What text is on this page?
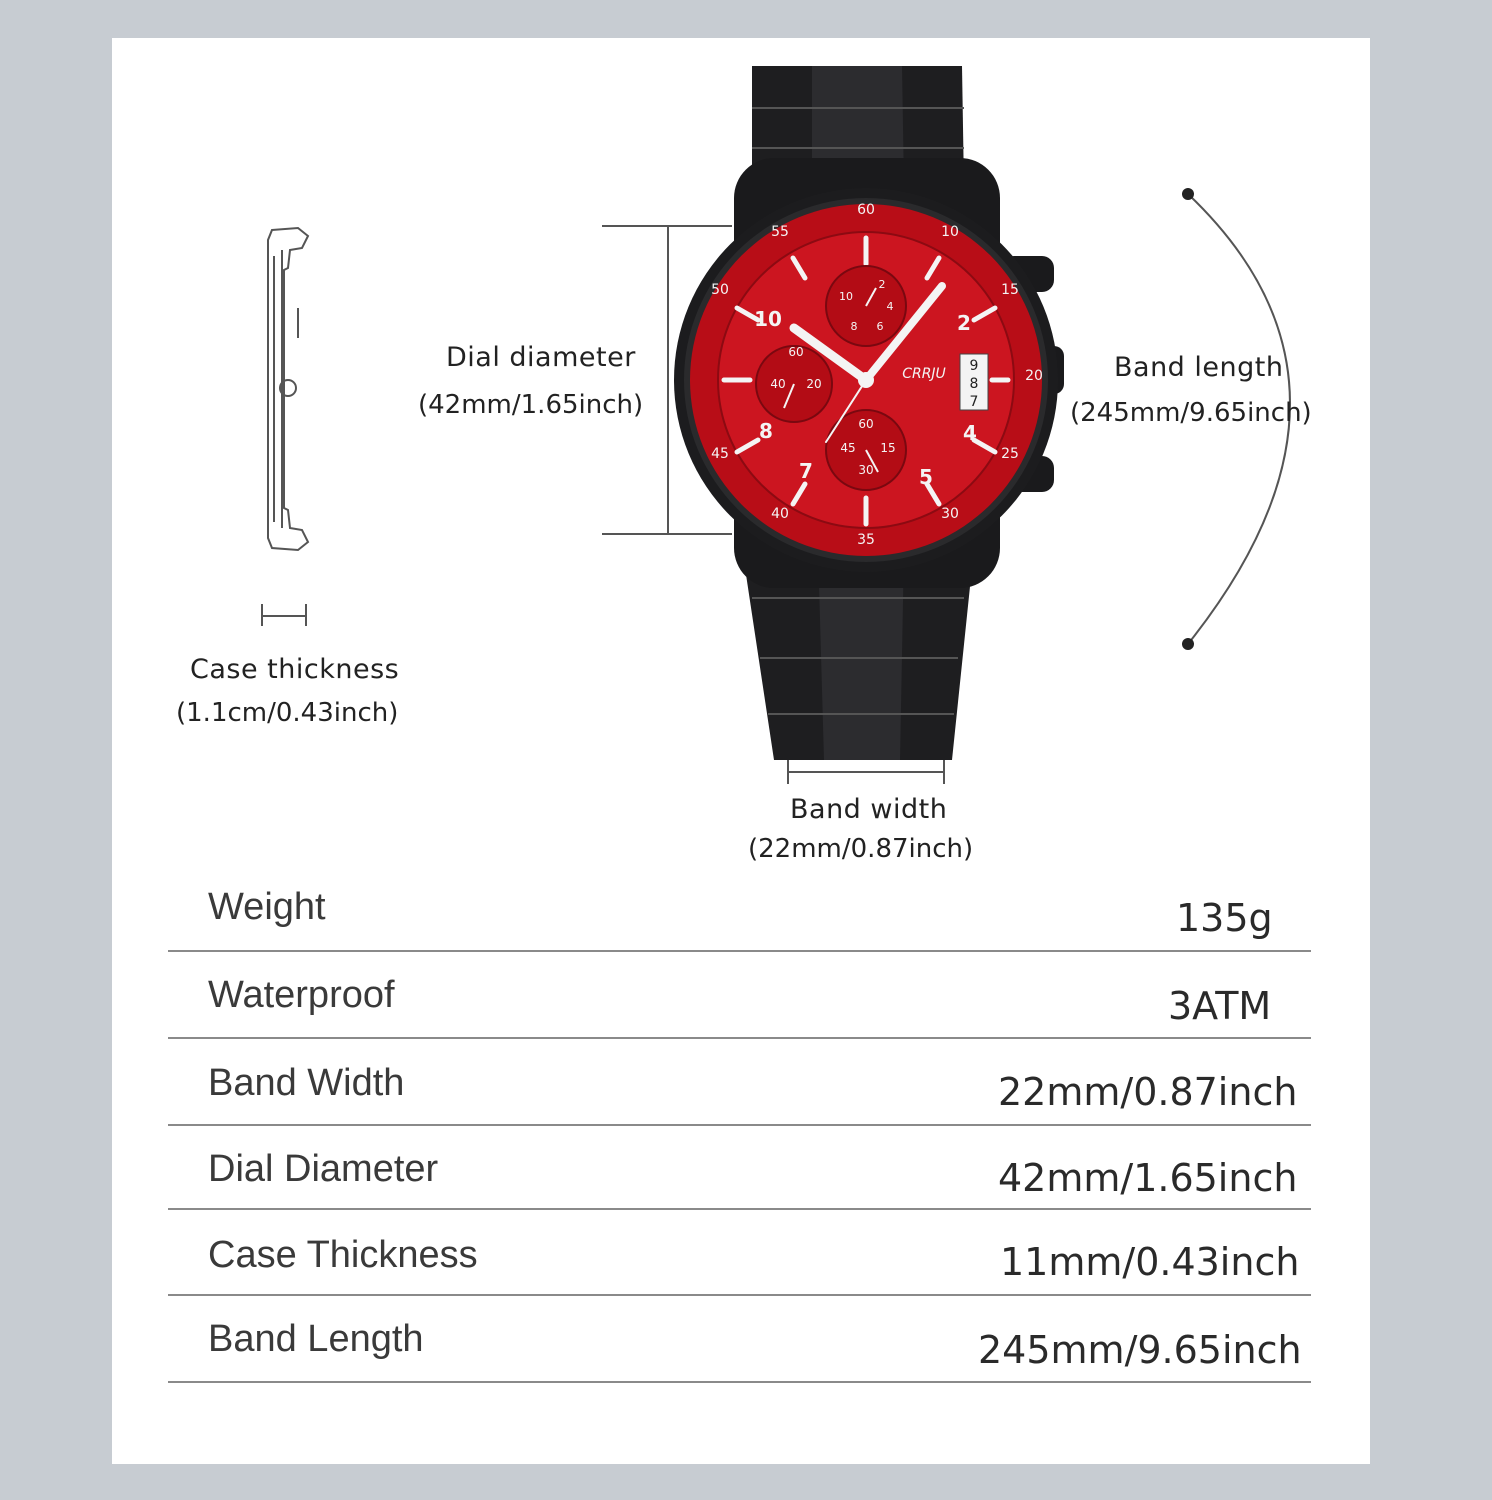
60
10
15
20
25
30
35
40
45
50
55
2
4
5
7
8
10
2
4
6
8
10
60
40 20
60
45 15
30
CRRJU 9
8
7
Dial diameter
(42mm/1.65inch)
Band length
(245mm/9.65inch)
Case thickness
(1.1cm/0.43inch)
Band width
(22mm/0.87inch)
Weight	135g
Waterproof	3ATM
Band Width	22mm/0.87inch
Dial Diameter	42mm/1.65inch
Case Thickness	11mm/0.43inch
Band Length	245mm/9.65inch
